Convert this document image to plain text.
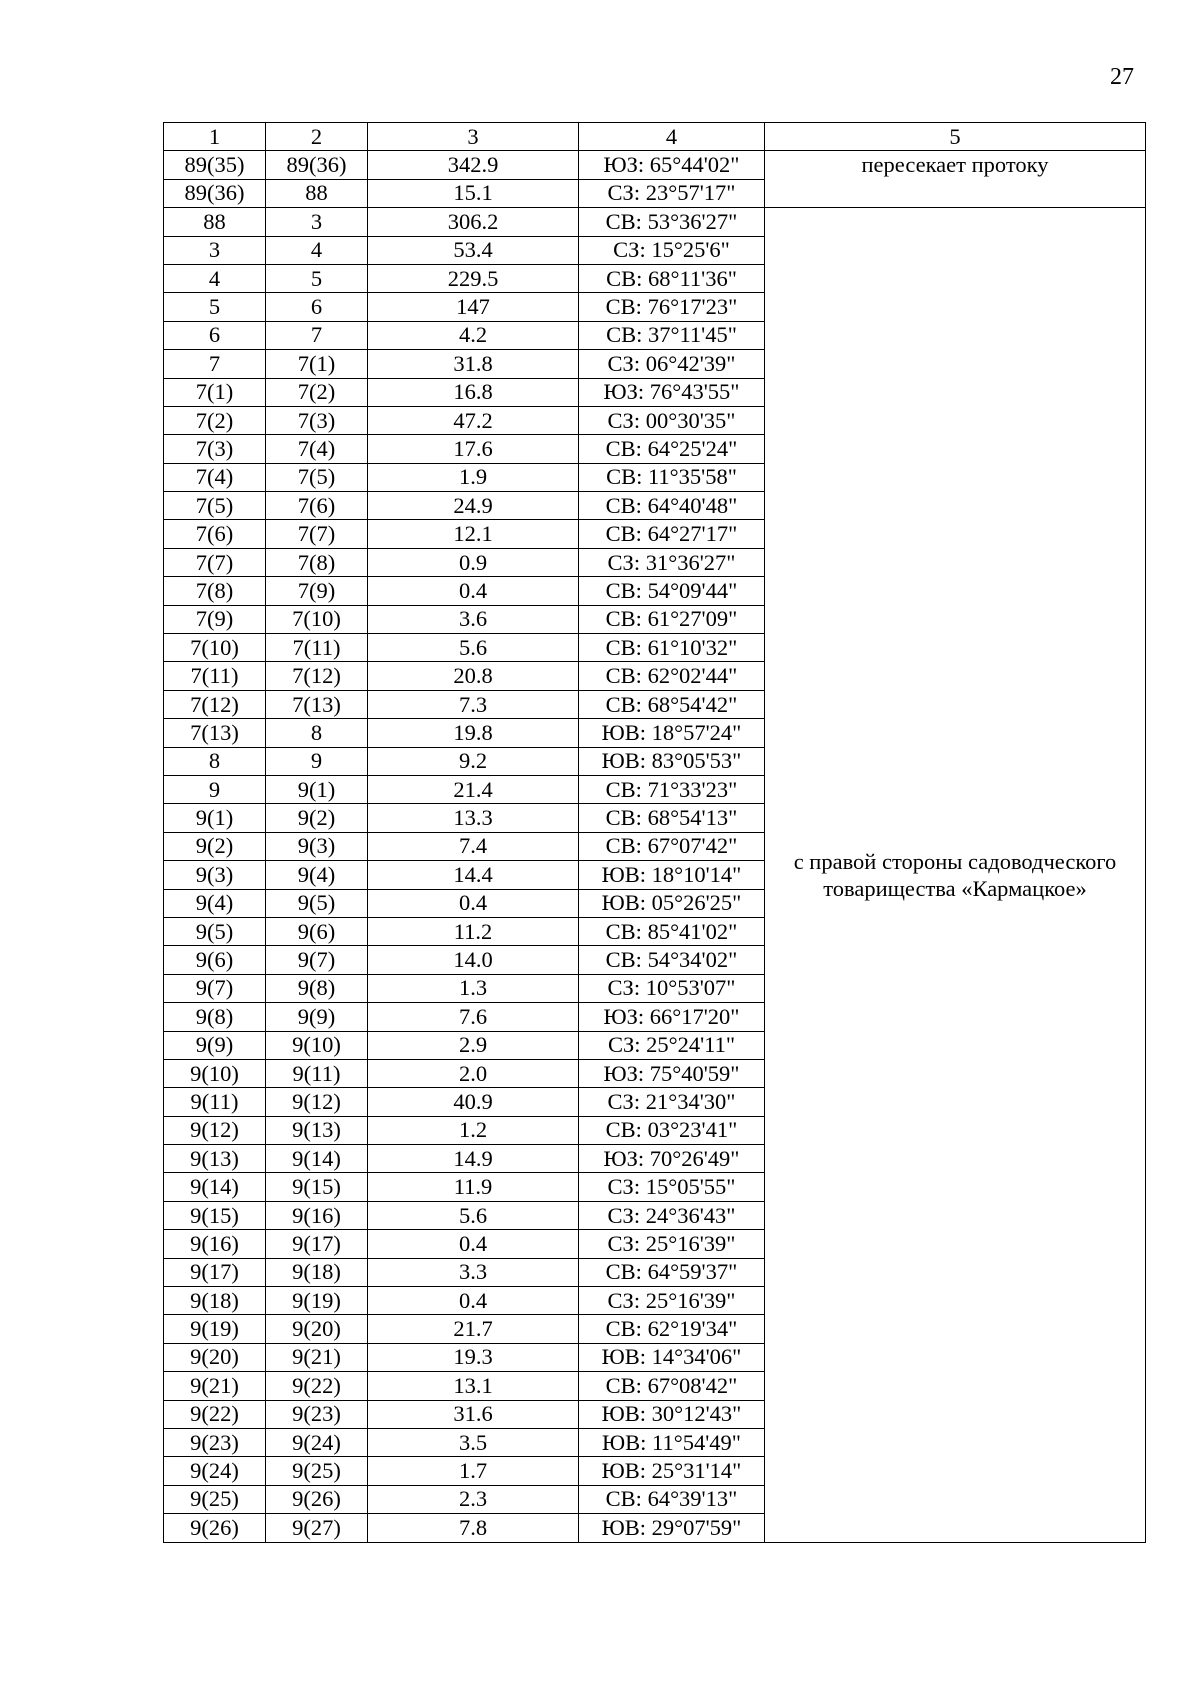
27
1	2	3	4	5
89(35)	89(36)	342.9	ЮЗ: 65°44'02"	пересекает протоку
89(36)	88	15.1	СЗ: 23°57'17"	
88	3	306.2	СВ: 53°36'27"	с правой стороны садоводческого товарищества «Кармацкое»
3	4	53.4	СЗ: 15°25'6"	
4	5	229.5	СВ: 68°11'36"	
5	6	147	СВ: 76°17'23"	
6	7	4.2	СВ: 37°11'45"	
7	7(1)	31.8	СЗ: 06°42'39"	
7(1)	7(2)	16.8	ЮЗ: 76°43'55"	
7(2)	7(3)	47.2	СЗ: 00°30'35"	
7(3)	7(4)	17.6	СВ: 64°25'24"	
7(4)	7(5)	1.9	СВ: 11°35'58"	
7(5)	7(6)	24.9	СВ: 64°40'48"	
7(6)	7(7)	12.1	СВ: 64°27'17"	
7(7)	7(8)	0.9	СЗ: 31°36'27"	
7(8)	7(9)	0.4	СВ: 54°09'44"	
7(9)	7(10)	3.6	СВ: 61°27'09"	
7(10)	7(11)	5.6	СВ: 61°10'32"	
7(11)	7(12)	20.8	СВ: 62°02'44"	
7(12)	7(13)	7.3	СВ: 68°54'42"	
7(13)	8	19.8	ЮВ: 18°57'24"	
8	9	9.2	ЮВ: 83°05'53"	
9	9(1)	21.4	СВ: 71°33'23"	
9(1)	9(2)	13.3	СВ: 68°54'13"	
9(2)	9(3)	7.4	СВ: 67°07'42"	
9(3)	9(4)	14.4	ЮВ: 18°10'14"	
9(4)	9(5)	0.4	ЮВ: 05°26'25"	
9(5)	9(6)	11.2	СВ: 85°41'02"	
9(6)	9(7)	14.0	СВ: 54°34'02"	
9(7)	9(8)	1.3	СЗ: 10°53'07"	
9(8)	9(9)	7.6	ЮЗ: 66°17'20"	
9(9)	9(10)	2.9	СЗ: 25°24'11"	
9(10)	9(11)	2.0	ЮЗ: 75°40'59"	
9(11)	9(12)	40.9	СЗ: 21°34'30"	
9(12)	9(13)	1.2	СВ: 03°23'41"	
9(13)	9(14)	14.9	ЮЗ: 70°26'49"	
9(14)	9(15)	11.9	СЗ: 15°05'55"	
9(15)	9(16)	5.6	СЗ: 24°36'43"	
9(16)	9(17)	0.4	СЗ: 25°16'39"	
9(17)	9(18)	3.3	СВ: 64°59'37"	
9(18)	9(19)	0.4	СЗ: 25°16'39"	
9(19)	9(20)	21.7	СВ: 62°19'34"	
9(20)	9(21)	19.3	ЮВ: 14°34'06"	
9(21)	9(22)	13.1	СВ: 67°08'42"	
9(22)	9(23)	31.6	ЮВ: 30°12'43"	
9(23)	9(24)	3.5	ЮВ: 11°54'49"	
9(24)	9(25)	1.7	ЮВ: 25°31'14"	
9(25)	9(26)	2.3	СВ: 64°39'13"	
9(26)	9(27)	7.8	ЮВ: 29°07'59"	
